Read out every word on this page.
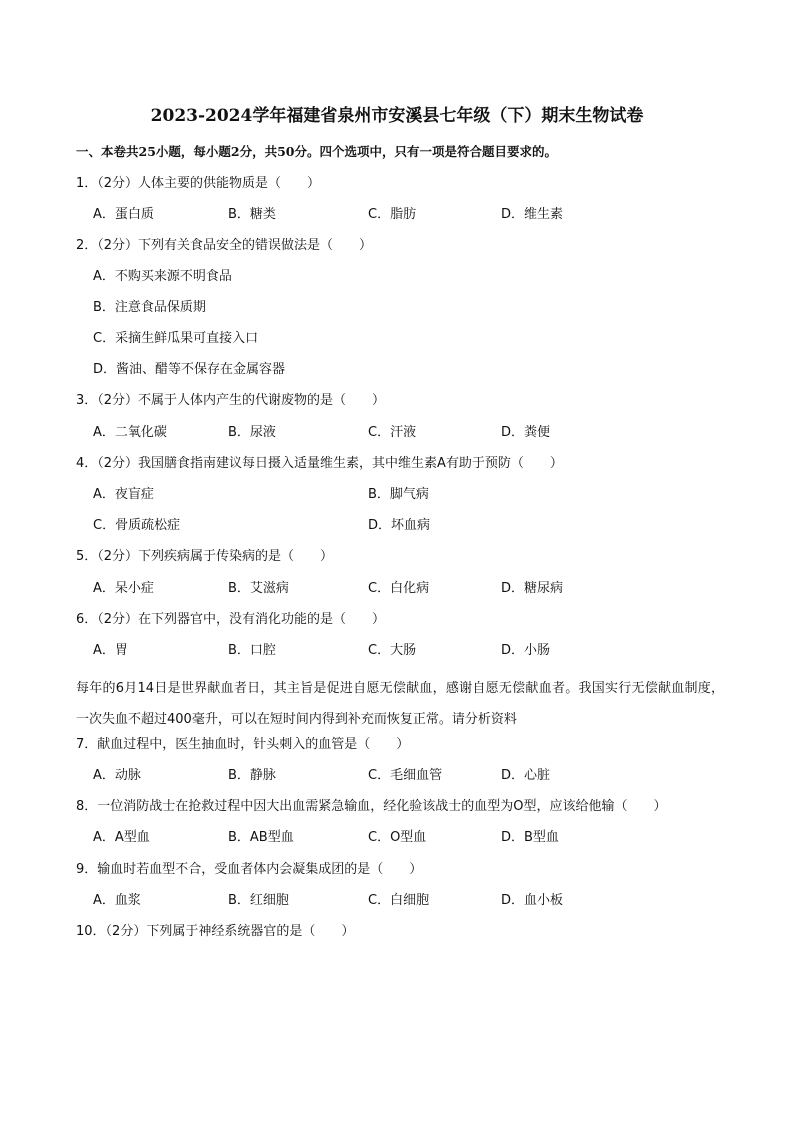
2023-2024学年福建省泉州市安溪县七年级（下）期末生物试卷
一、本卷共25小题，每小题2分，共50分。四个选项中，只有一项是符合题目要求的。
1．（2分）人体主要的供能物质是（　　）
A．蛋白质	B．糖类	C．脂肪	D．维生素
2．（2分）下列有关食品安全的错误做法是（　　）
A．不购买来源不明食品
B．注意食品保质期
C．采摘生鲜瓜果可直接入口
D．酱油、醋等不保存在金属容器
3．（2分）不属于人体内产生的代谢废物的是（　　）
A．二氧化碳	B．尿液	C．汗液	D．粪便
4．（2分）我国膳食指南建议每日摄入适量维生素，其中维生素A有助于预防（　　）
A．夜盲症	B．脚气病
C．骨质疏松症	D．坏血病
5．（2分）下列疾病属于传染病的是（　　）
A．呆小症	B．艾滋病	C．白化病	D．糖尿病
6．（2分）在下列器官中，没有消化功能的是（　　）
A．胃	B．口腔	C．大肠	D．小肠
每年的6月14日是世界献血者日，其主旨是促进自愿无偿献血，感谢自愿无偿献血者。我国实行无偿献血制度，一次失血不超过400毫升，可以在短时间内得到补充而恢复正常。请分析资料
7．献血过程中，医生抽血时，针头刺入的血管是（　　）
A．动脉	B．静脉	C．毛细血管	D．心脏
8．一位消防战士在抢救过程中因大出血需紧急输血，经化验该战士的血型为O型，应该给他输（　　）
A．A型血	B．AB型血	C．O型血	D．B型血
9．输血时若血型不合，受血者体内会凝集成团的是（　　）
A．血浆	B．红细胞	C．白细胞	D．血小板
10．（2分）下列属于神经系统器官的是（　　）
